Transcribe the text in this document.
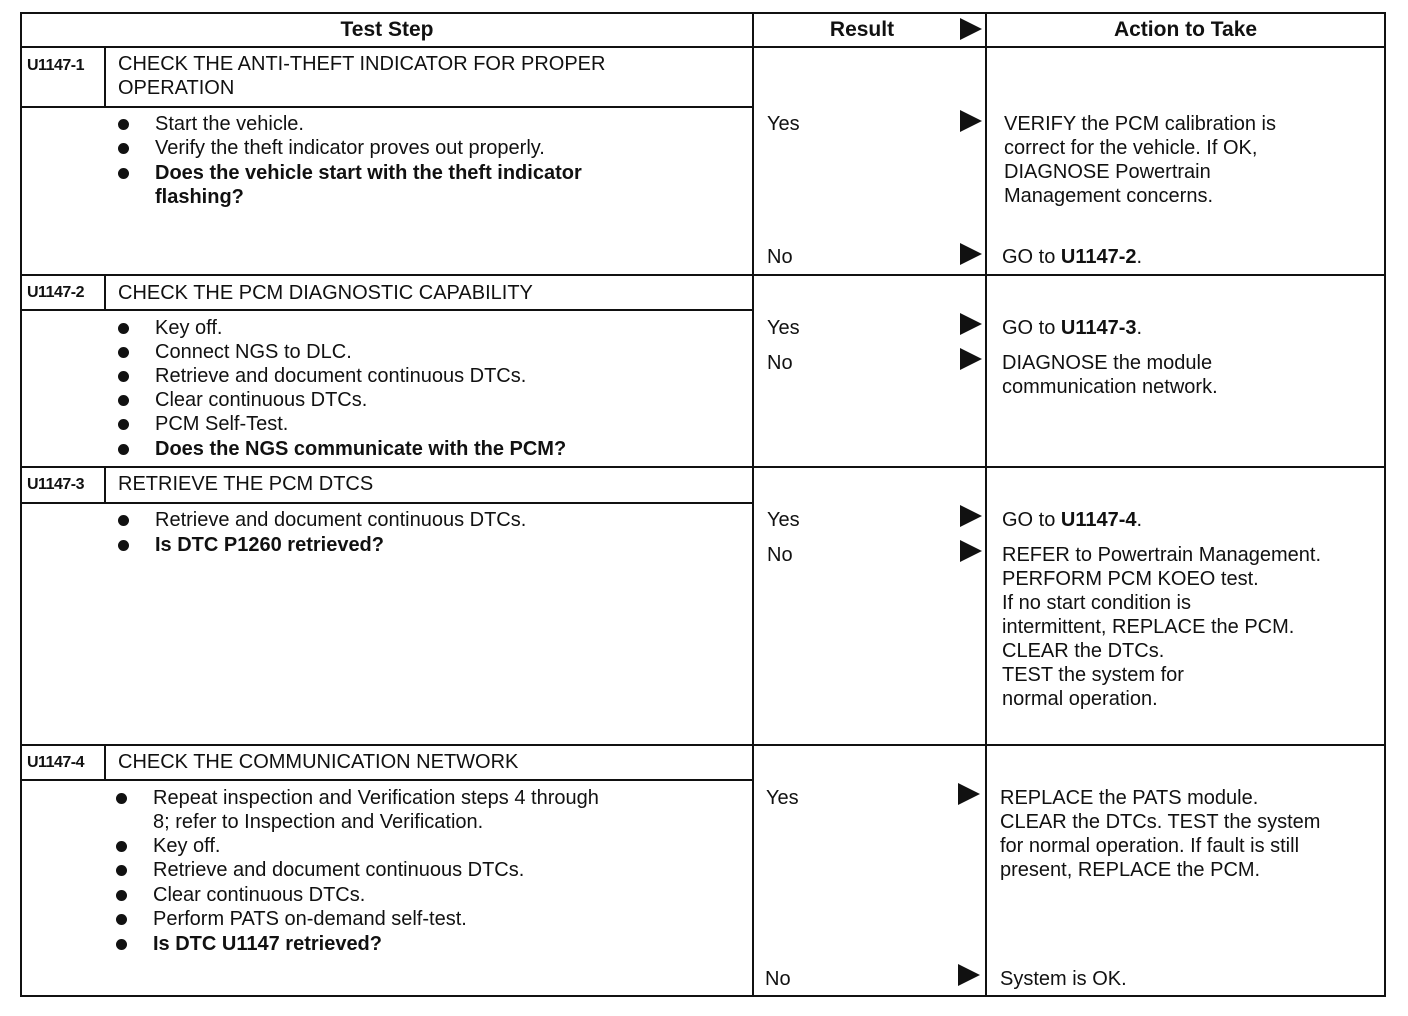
Test Step	Result	Action to Take
U1147-1 CHECK THE ANTI-THEFT INDICATOR FOR PROPER
OPERATION
Start the vehicle.
Verify the theft indicator proves out properly.
Does the vehicle start with the theft indicator
flashing?
Yes	VERIFY the PCM calibration is
correct for the vehicle. If OK,
DIAGNOSE Powertrain
Management concerns.
No	GO to U1147-2.
U1147-2 CHECK THE PCM DIAGNOSTIC CAPABILITY
Key off.
Connect NGS to DLC.
Retrieve and document continuous DTCs.
Clear continuous DTCs.
PCM Self-Test.
Does the NGS communicate with the PCM?
Yes	GO to U1147-3.
No	DIAGNOSE the module
communication network.
U1147-3 RETRIEVE THE PCM DTCS
Retrieve and document continuous DTCs.
Is DTC P1260 retrieved?
Yes	GO to U1147-4.
No	REFER to Powertrain Management.
PERFORM PCM KOEO test.
If no start condition is
intermittent, REPLACE the PCM.
CLEAR the DTCs.
TEST the system for
normal operation.
U1147-4 CHECK THE COMMUNICATION NETWORK
Repeat inspection and Verification steps 4 through
8; refer to Inspection and Verification.
Key off.
Retrieve and document continuous DTCs.
Clear continuous DTCs.
Perform PATS on-demand self-test.
Is DTC U1147 retrieved?
Yes	REPLACE the PATS module.
CLEAR the DTCs. TEST the system
for normal operation. If fault is still
present, REPLACE the PCM.
No	System is OK.
